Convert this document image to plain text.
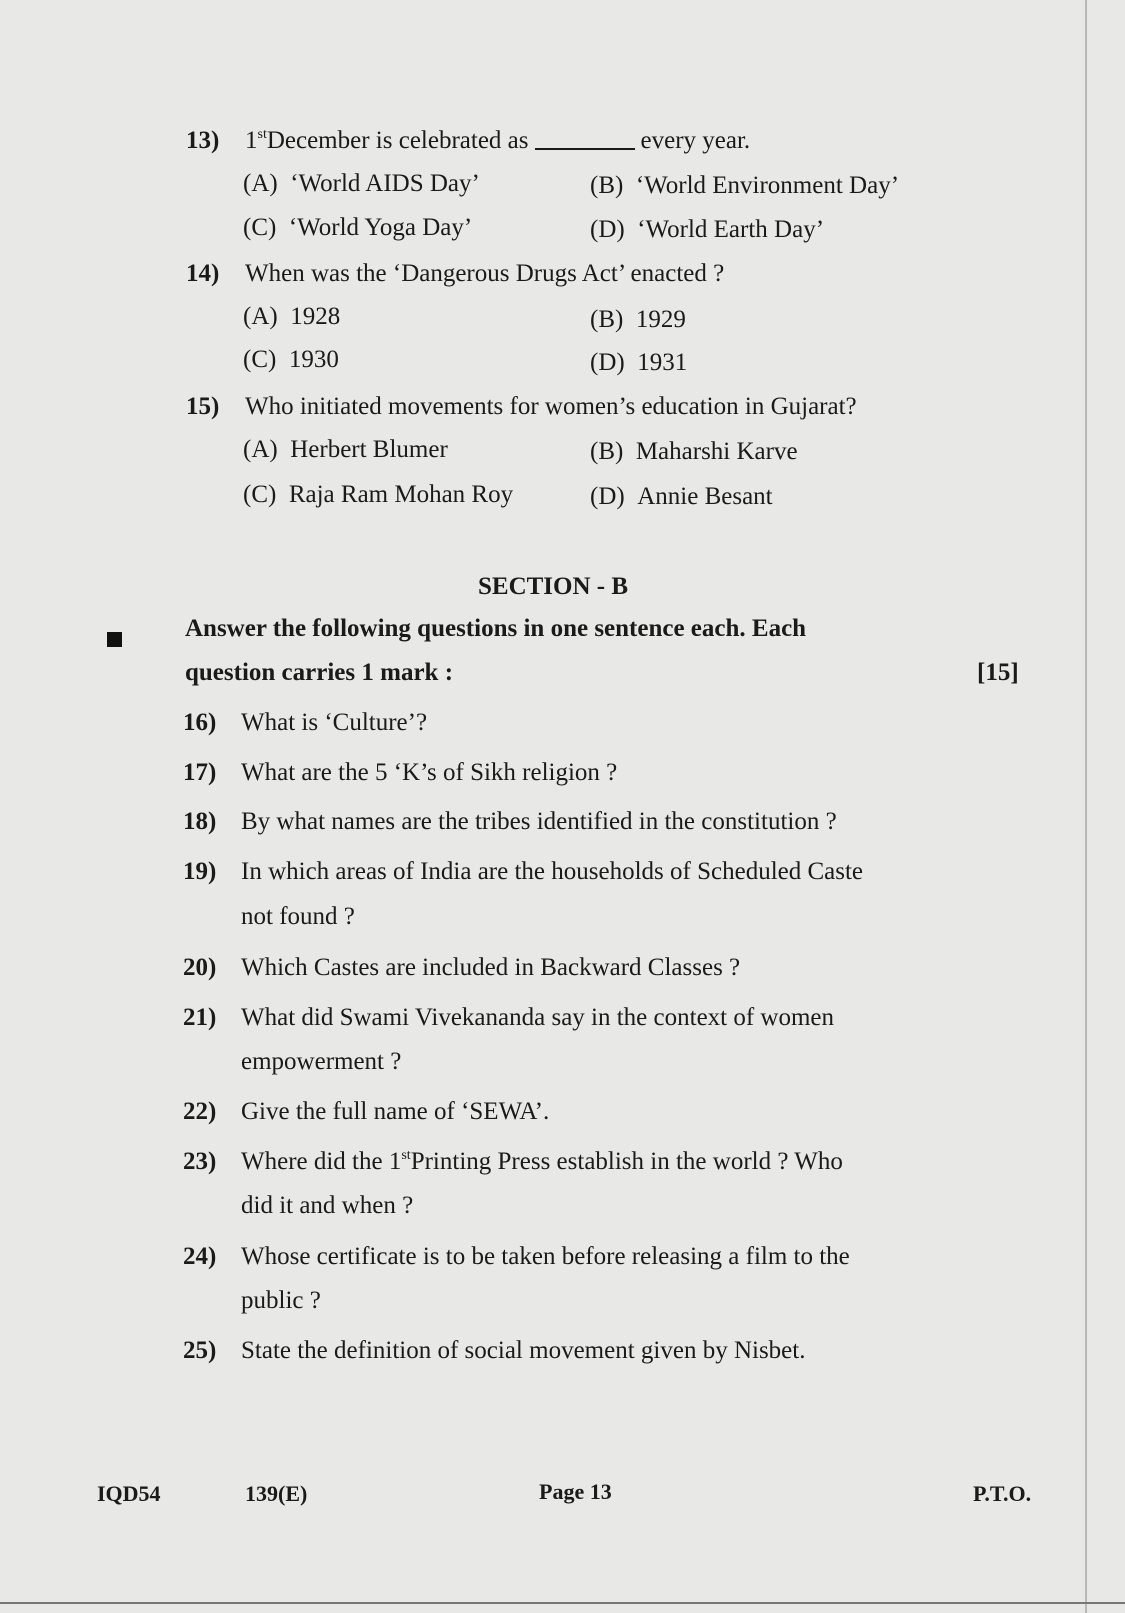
13) 1stDecember is celebrated as	every year.
(A) ‘World AIDS Day’	(B) ‘World Environment Day’
(C) ‘World Yoga Day’	(D) ‘World Earth Day’
14) When was the ‘Dangerous Drugs Act’ enacted ?
(A) 1928	(B) 1929
(C) 1930	(D) 1931
15) Who initiated movements for women’s education in Gujarat?
(A) Herbert Blumer	(B) Maharshi Karve
(C) Raja Ram Mohan Roy	(D) Annie Besant
SECTION - B
Answer the following questions in one sentence each. Each
question carries 1 mark :	[15]
16) What is ‘Culture’?
17) What are the 5 ‘K’s of Sikh religion ?
18) By what names are the tribes identified in the constitution ?
19) In which areas of India are the households of Scheduled Caste
not found ?
20) Which Castes are included in Backward Classes ?
21) What did Swami Vivekananda say in the context of women
empowerment ?
22) Give the full name of ‘SEWA’.
23) Where did the 1stPrinting Press establish in the world ? Who
did it and when ?
24) Whose certificate is to be taken before releasing a film to the
public ?
25) State the definition of social movement given by Nisbet.
IQD54	139(E)	Page 13	P.T.O.
